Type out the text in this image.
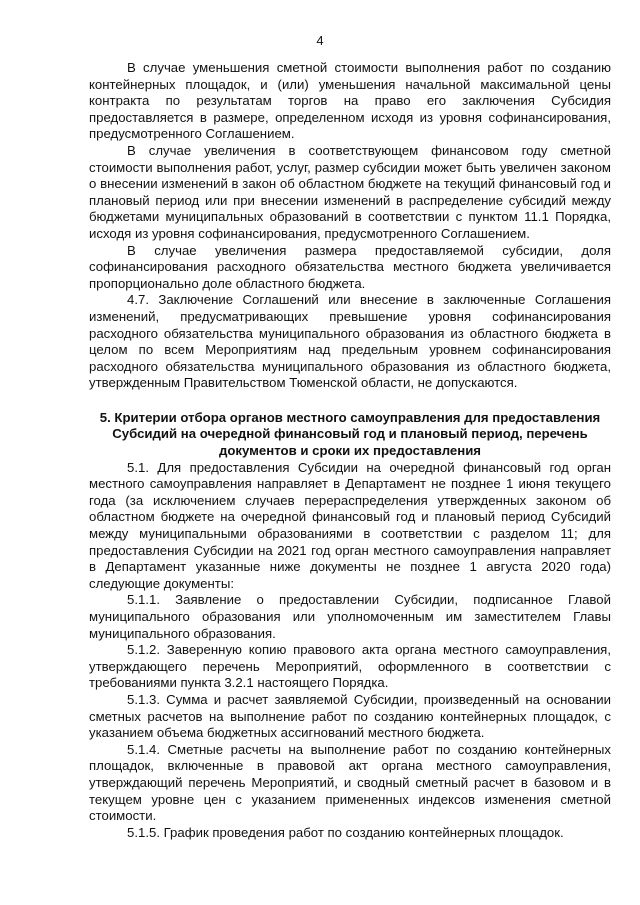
4

В случае уменьшения сметной стоимости выполнения работ по созданию контейнерных площадок, и (или) уменьшения начальной максимальной цены контракта по результатам торгов на право его заключения Субсидия предоставляется в размере, определенном исходя из уровня софинансирования, предусмотренного Соглашением.

В случае увеличения в соответствующем финансовом году сметной стоимости выполнения работ, услуг, размер субсидии может быть увеличен законом о внесении изменений в закон об областном бюджете на текущий финансовый год и плановый период или при внесении изменений в распределение субсидий между бюджетами муниципальных образований в соответствии с пунктом 11.1 Порядка, исходя из уровня софинансирования, предусмотренного Соглашением.

В случае увеличения размера предоставляемой субсидии, доля софинансирования расходного обязательства местного бюджета увеличивается пропорционально доле областного бюджета.

4.7. Заключение Соглашений или внесение в заключенные Соглашения изменений, предусматривающих превышение уровня софинансирования расходного обязательства муниципального образования из областного бюджета в целом по всем Мероприятиям над предельным уровнем софинансирования расходного обязательства муниципального образования из областного бюджета, утвержденным Правительством Тюменской области, не допускаются.

5. Критерии отбора органов местного самоуправления для предоставления Субсидий на очередной финансовый год и плановый период, перечень документов и сроки их предоставления

5.1. Для предоставления Субсидии на очередной финансовый год орган местного самоуправления направляет в Департамент не позднее 1 июня текущего года (за исключением случаев перераспределения утвержденных законом об областном бюджете на очередной финансовый год и плановый период Субсидий между муниципальными образованиями в соответствии с разделом 11; для предоставления Субсидии на 2021 год орган местного самоуправления направляет в Департамент указанные ниже документы не позднее 1 августа 2020 года) следующие документы:

5.1.1. Заявление о предоставлении Субсидии, подписанное Главой муниципального образования или уполномоченным им заместителем Главы муниципального образования.

5.1.2. Заверенную копию правового акта органа местного самоуправления, утверждающего перечень Мероприятий, оформленного в соответствии с требованиями пункта 3.2.1 настоящего Порядка.

5.1.3. Сумма и расчет заявляемой Субсидии, произведенный на основании сметных расчетов на выполнение работ по созданию контейнерных площадок, с указанием объема бюджетных ассигнований местного бюджета.

5.1.4. Сметные расчеты на выполнение работ по созданию контейнерных площадок, включенные в правовой акт органа местного самоуправления, утверждающий перечень Мероприятий, и сводный сметный расчет в базовом и в текущем уровне цен с указанием примененных индексов изменения сметной стоимости.

5.1.5. График проведения работ по созданию контейнерных площадок.
